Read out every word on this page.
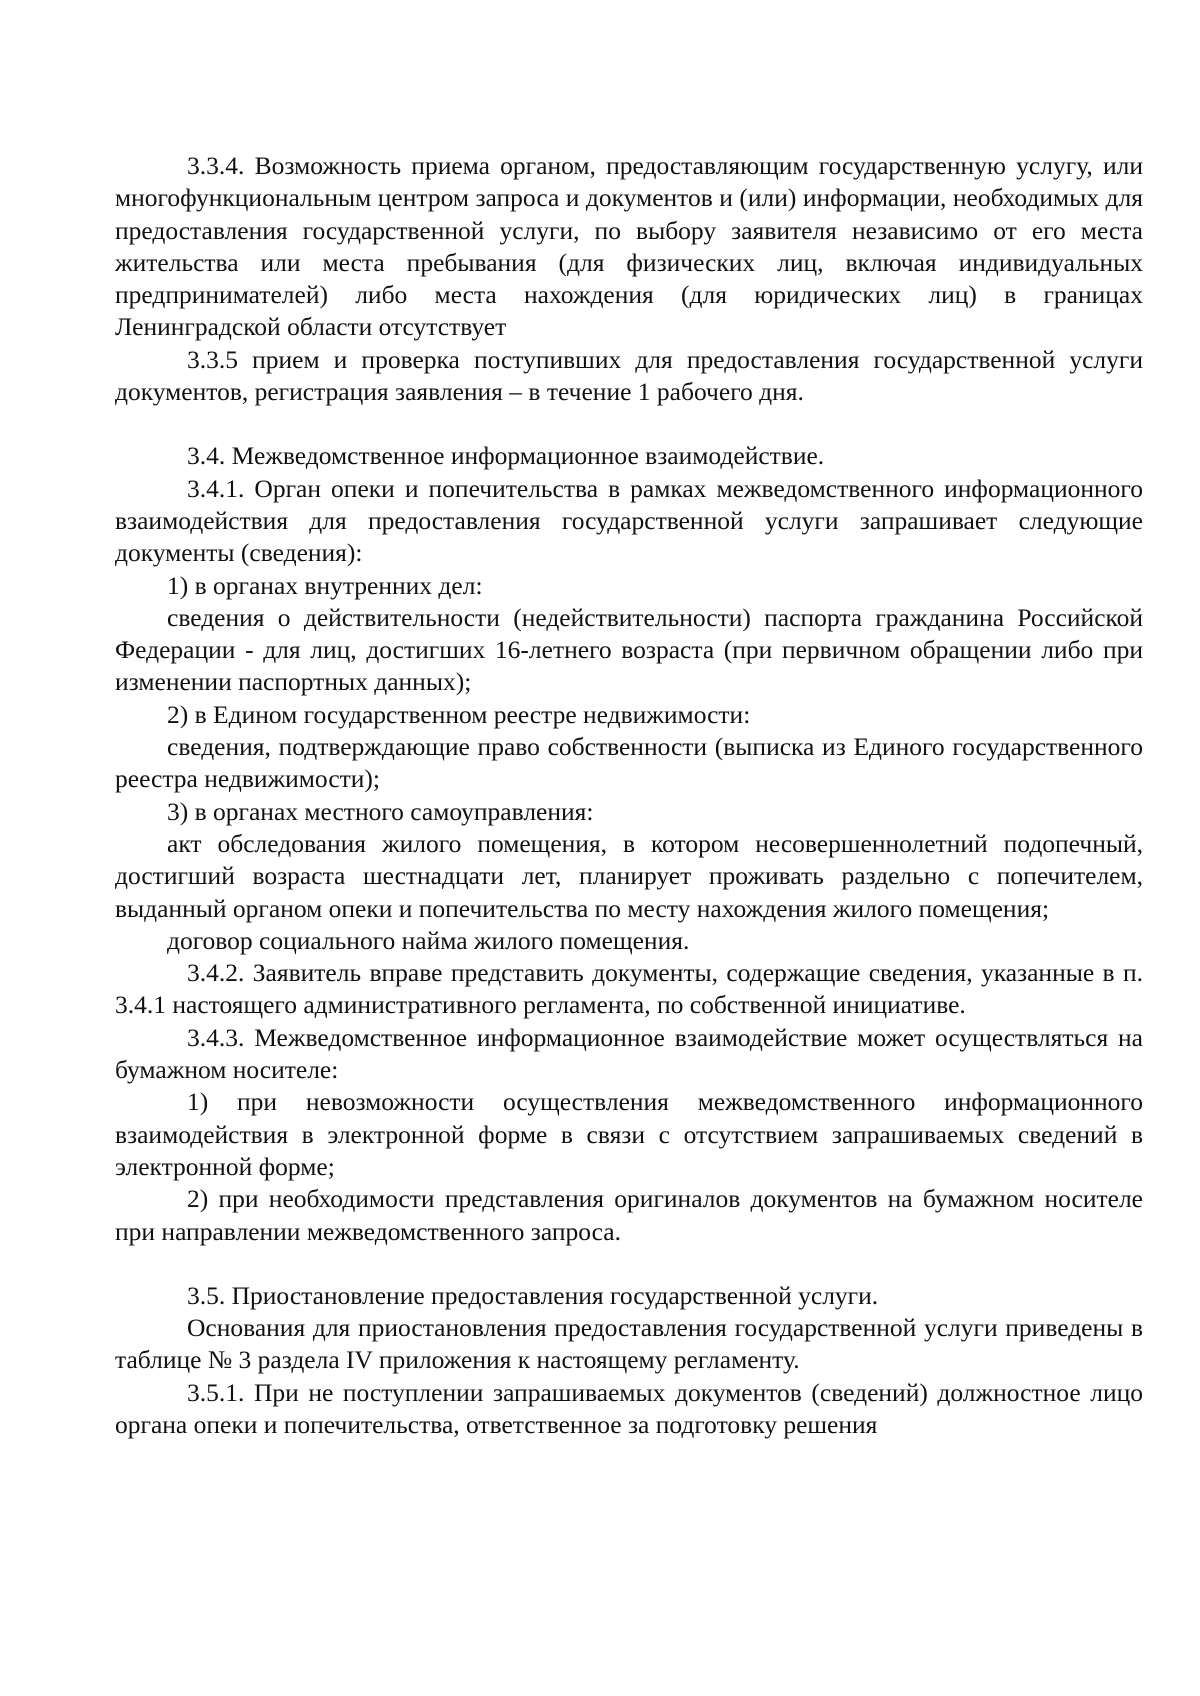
3.3.4. Возможность приема органом, предоставляющим государственную услугу, или многофункциональным центром запроса и документов и (или) информации, необходимых для предоставления государственной услуги, по выбору заявителя независимо от его места жительства или места пребывания (для физических лиц, включая индивидуальных предпринимателей) либо места нахождения (для юридических лиц) в границах Ленинградской области отсутствует

3.3.5 прием и проверка поступивших для предоставления государственной услуги документов, регистрация заявления – в течение 1 рабочего дня.

3.4. Межведомственное информационное взаимодействие.

3.4.1. Орган опеки и попечительства в рамках межведомственного информационного взаимодействия для предоставления государственной услуги запрашивает следующие документы (сведения):

1) в органах внутренних дел:

сведения о действительности (недействительности) паспорта гражданина Российской Федерации - для лиц, достигших 16-летнего возраста (при первичном обращении либо при изменении паспортных данных);

2) в Едином государственном реестре недвижимости:

сведения, подтверждающие право собственности (выписка из Единого государственного реестра недвижимости);

3) в органах местного самоуправления:

акт обследования жилого помещения, в котором несовершеннолетний подопечный, достигший возраста шестнадцати лет, планирует проживать раздельно с попечителем, выданный органом опеки и попечительства по месту нахождения жилого помещения;

договор социального найма жилого помещения.

3.4.2. Заявитель вправе представить документы, содержащие сведения, указанные в п. 3.4.1 настоящего административного регламента, по собственной инициативе.

3.4.3. Межведомственное информационное взаимодействие может осуществляться на бумажном носителе:

1) при невозможности осуществления межведомственного информационного взаимодействия в электронной форме в связи с отсутствием запрашиваемых сведений в электронной форме;

2) при необходимости представления оригиналов документов на бумажном носителе при направлении межведомственного запроса.

3.5. Приостановление предоставления государственной услуги.

Основания для приостановления предоставления государственной услуги приведены в таблице № 3 раздела IV приложения к настоящему регламенту.

3.5.1. При не поступлении запрашиваемых документов (сведений) должностное лицо органа опеки и попечительства, ответственное за подготовку решения
